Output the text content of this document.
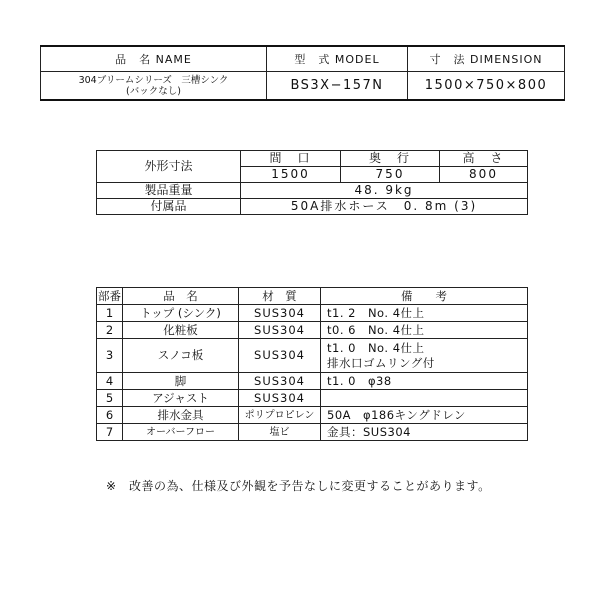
品　名 NAME	型　式 MODEL	寸　法 DIMENSION

304ブリームシリーズ　三槽シンク
(バックなし)	BS3X−157N	1500×750×800
外形寸法	間　口	奥　行	高　さ
	1500	750	800
製品重量	48. 9kg		
付属品	50A排水ホース　0. 8m (3)		
部番	品　名	材　質	備　　考
1	トップ (シンク)	SUS304	t1. 2　No. 4仕上
2	化粧板	SUS304	t0. 6　No. 4仕上
3	スノコ板	SUS304	t1. 0　No. 4仕上
排水口ゴムリング付

4	脚	SUS304	t1. 0　φ38
5	アジャスト	SUS304	
6	排水金具	ポリプロピレン	50A　φ186キングドレン
7	オーバーフロー	塩ビ	金具：SUS304
※　改善の為、仕様及び外観を予告なしに変更することがあります。
